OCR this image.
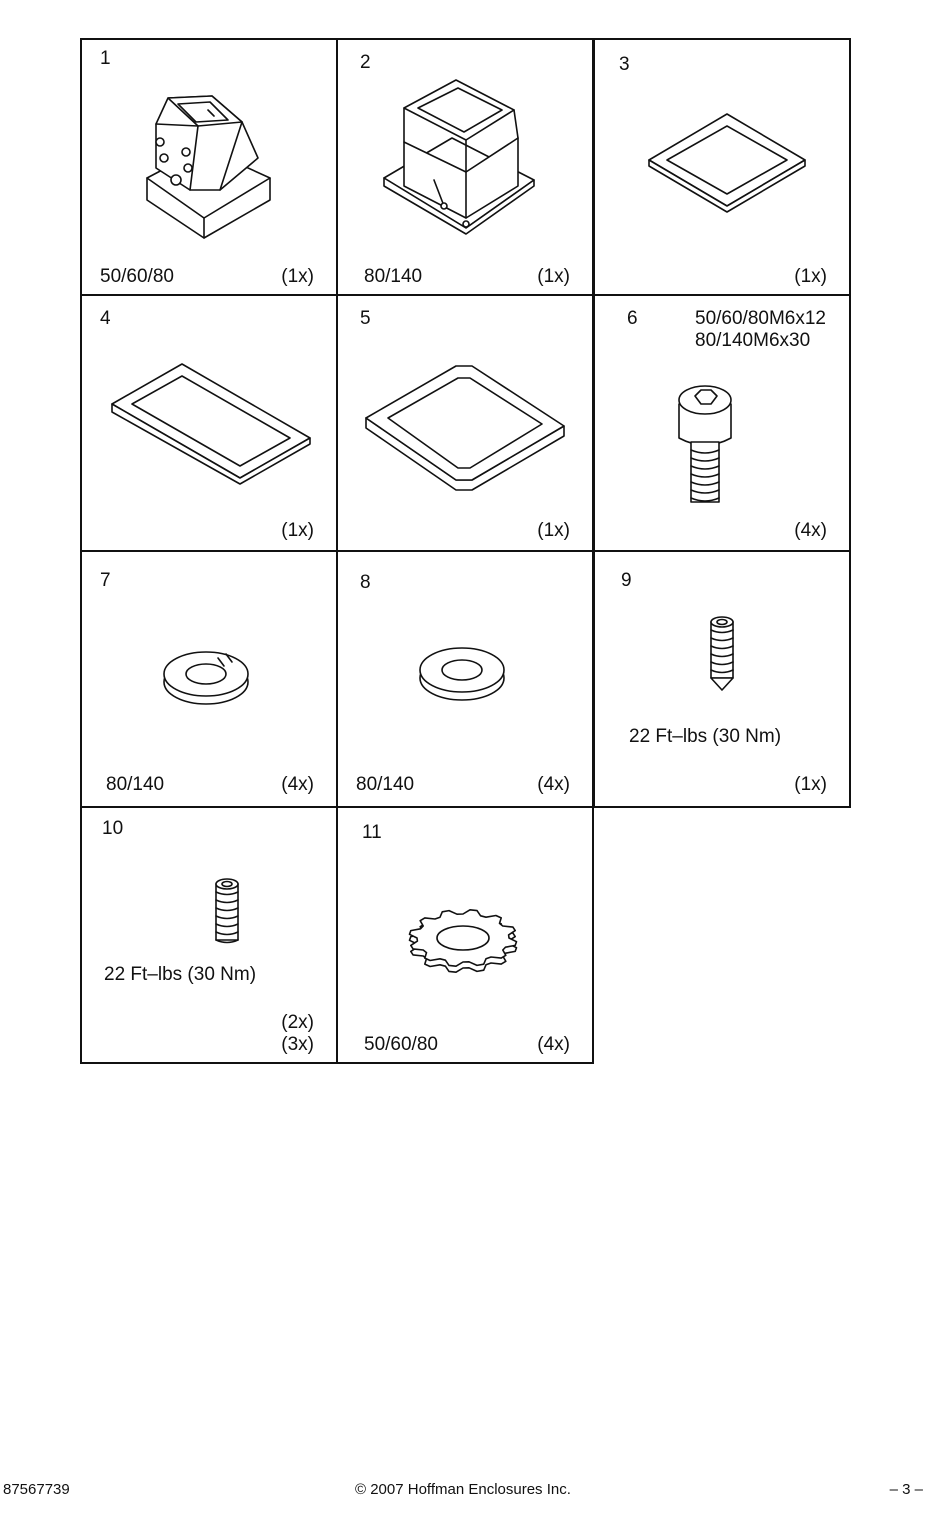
1
50/60/80	(1x)
2
80/140	(1x)
3
(1x)
4
(1x)
5
(1x)
6	50/60/80M6x12
80/140M6x30
(4x)
7
80/140	(4x)
8
80/140	(4x)
9
22 Ft–lbs (30 Nm)
(1x)
10
22 Ft–lbs (30 Nm)
(2x)
(3x)
11
50/60/80	(4x)
87567739	© 2007 Hoffman Enclosures Inc.	– 3 –
